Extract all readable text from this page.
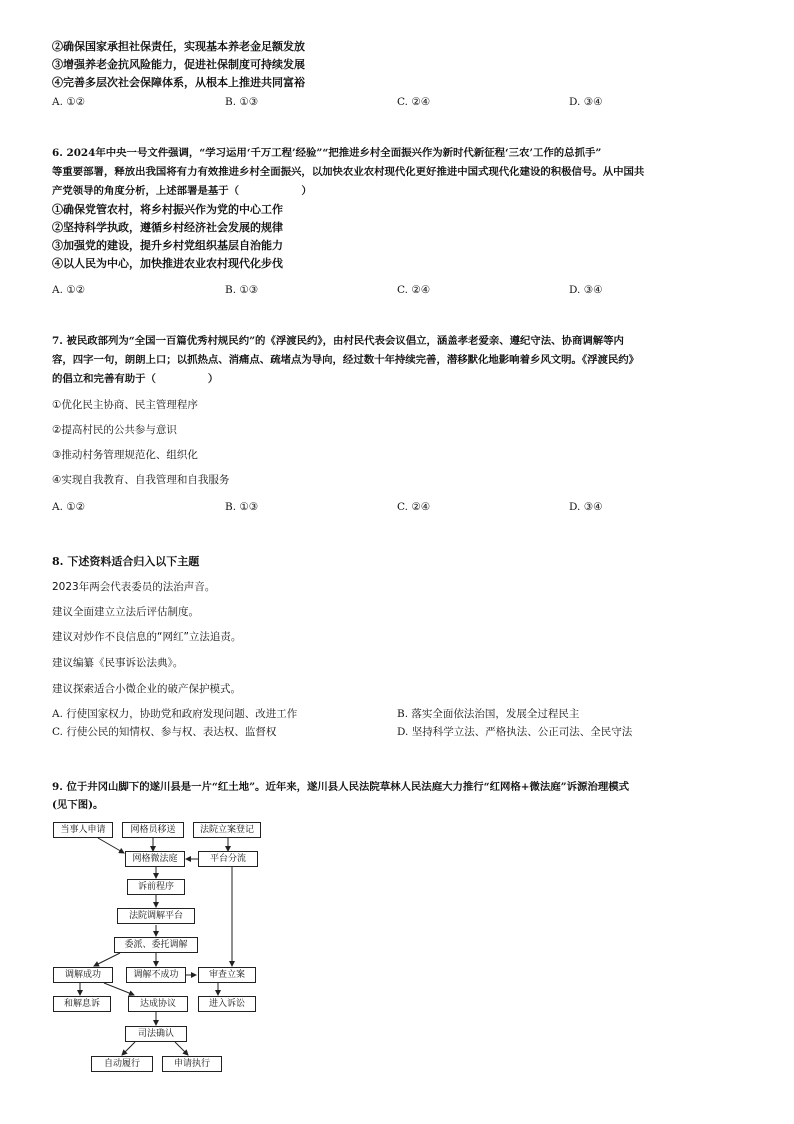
②确保国家承担社保责任，实现基本养老金足额发放
③增强养老金抗风险能力，促进社保制度可持续发展
④完善多层次社会保障体系，从根本上推进共同富裕
A. ①②	B. ①③	C. ②④	D. ③④
6. 2024年中央一号文件强调，“学习运用‘千万工程’经验”“把推进乡村全面振兴作为新时代新征程‘三农’工作的总抓手”
等重要部署，释放出我国将有力有效推进乡村全面振兴，以加快农业农村现代化更好推进中国式现代化建设的积极信号。从中国共
产党领导的角度分析，上述部署是基于（　　　　　　）
①确保党管农村，将乡村振兴作为党的中心工作
②坚持科学执政，遵循乡村经济社会发展的规律
③加强党的建设，提升乡村党组织基层自治能力
④以人民为中心，加快推进农业农村现代化步伐
A. ①②	B. ①③	C. ②④	D. ③④
7. 被民政部列为“全国一百篇优秀村规民约”的《浮渡民约》，由村民代表会议倡立，涵盖孝老爱亲、遵纪守法、协商调解等内
容，四字一句，朗朗上口；以抓热点、消痛点、疏堵点为导向，经过数十年持续完善，潜移默化地影响着乡风文明。《浮渡民约》
的倡立和完善有助于（　　　　　）
①优化民主协商、民主管理程序
②提高村民的公共参与意识
③推动村务管理规范化、组织化
④实现自我教育、自我管理和自我服务
A. ①②	B. ①③	C. ②④	D. ③④
8. 下述资料适合归入以下主题
2023年两会代表委员的法治声音。
建议全面建立立法后评估制度。
建议对炒作不良信息的“网红”立法追责。
建议编纂《民事诉讼法典》。
建议探索适合小微企业的破产保护模式。
A. 行使国家权力，协助党和政府发现问题、改进工作	B. 落实全面依法治国，发展全过程民主
C. 行使公民的知情权、参与权、表达权、监督权	D. 坚持科学立法、严格执法、公正司法、全民守法
9. 位于井冈山脚下的遂川县是一片“红土地”。近年来，遂川县人民法院草林人民法庭大力推行“红网格+微法庭”诉源治理模式
(见下图)。
当事人申请	网格员移送	法院立案登记
网格微法庭	平台分流
诉前程序
法院调解平台
委派、委托调解
调解成功	调解不成功	审查立案
和解息诉	达成协议	进入诉讼
司法确认
自动履行	申请执行
